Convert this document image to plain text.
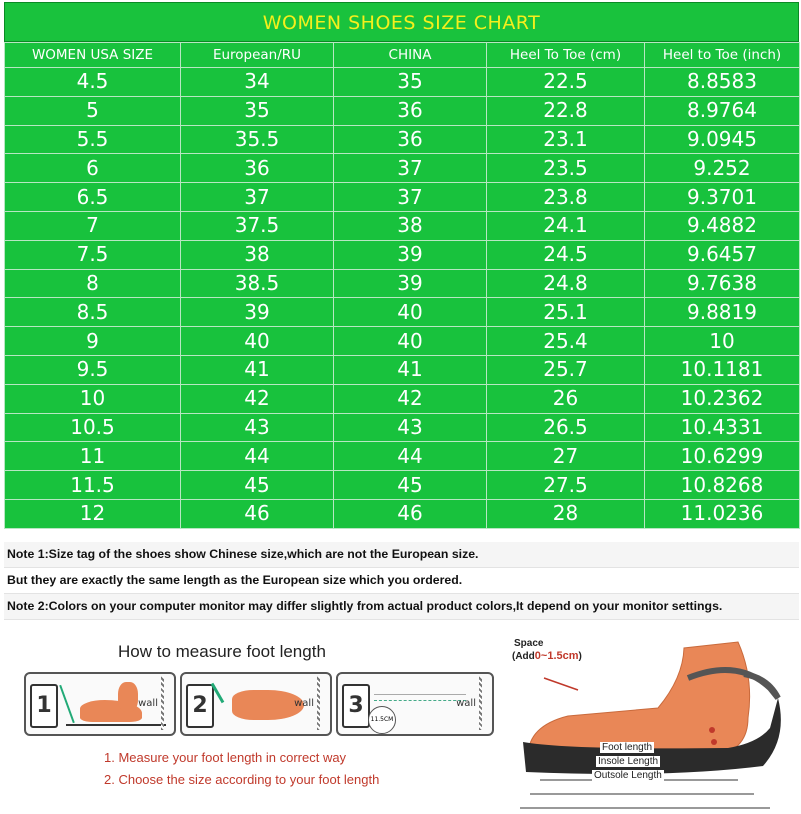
WOMEN SHOES SIZE CHART
WOMEN USA SIZE	European/RU	CHINA	Heel To Toe (cm)	Heel to Toe (inch)
4.5	34	35	22.5	8.8583
5	35	36	22.8	8.9764
5.5	35.5	36	23.1	9.0945
6	36	37	23.5	9.252
6.5	37	37	23.8	9.3701
7	37.5	38	24.1	9.4882
7.5	38	39	24.5	9.6457
8	38.5	39	24.8	9.7638
8.5	39	40	25.1	9.8819
9	40	40	25.4	10
9.5	41	41	25.7	10.1181
10	42	42	26	10.2362
10.5	43	43	26.5	10.4331
11	44	44	27	10.6299
11.5	45	45	27.5	10.8268
12	46	46	28	11.0236
Note 1:Size tag of the shoes show Chinese size,which are not the European size.
But they are exactly the same length as the European size which you ordered.
Note 2:Colors on your computer monitor may differ slightly from actual product colors,It depend on your monitor settings.
How to measure foot length
1	wall 2	wall 3
11.5CM
wall
1. Measure your foot length in correct way
2. Choose the size according to your foot length
Space
(Add0~1.5cm)
Foot length
Insole Length
Outsole Length
